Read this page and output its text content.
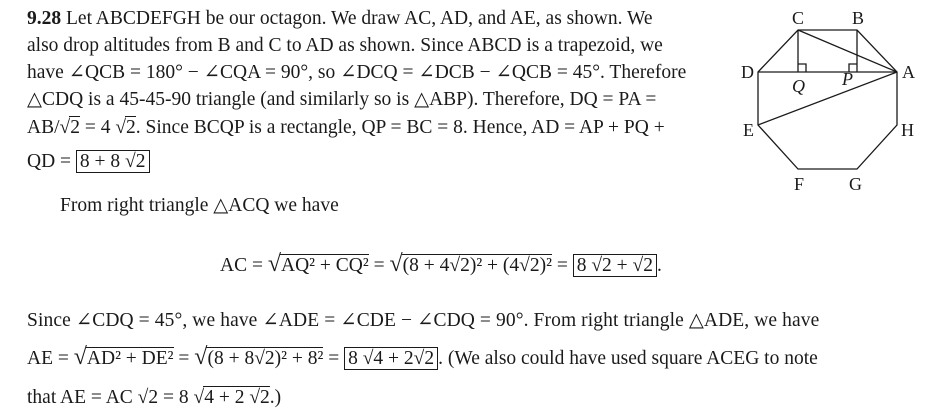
9.28 Let ABCDEFGH be our octagon. We draw AC, AD, and AE, as shown. We
also drop altitudes from B and C to AD as shown. Since ABCD is a trapezoid, we
have ∠QCB = 180° − ∠CQA = 90°, so ∠DCQ = ∠DCB − ∠QCB = 45°. Therefore
△CDQ is a 45-45-90 triangle (and similarly so is △ABP). Therefore, DQ = PA =
AB/√2 = 4 √2. Since BCQP is a rectangle, QP = BC = 8. Hence, AD = AP + PQ +
QD = 8 + 8 √2
From right triangle △ACQ we have
AC = √AQ² + CQ² = √(8 + 4√2)² + (4√2)² = 8 √2 + √2 .
Since ∠CDQ = 45°, we have ∠ADE = ∠CDE − ∠CDQ = 90°. From right triangle △ADE, we have
AE = √AD² + DE² = √(8 + 8√2)² + 8² = 8 √4 + 2√2 . (We also could have used square ACEG to note
that AE = AC √2 = 8 √4 + 2 √2.)
C	B
D	A
E	H
F G
Q P
